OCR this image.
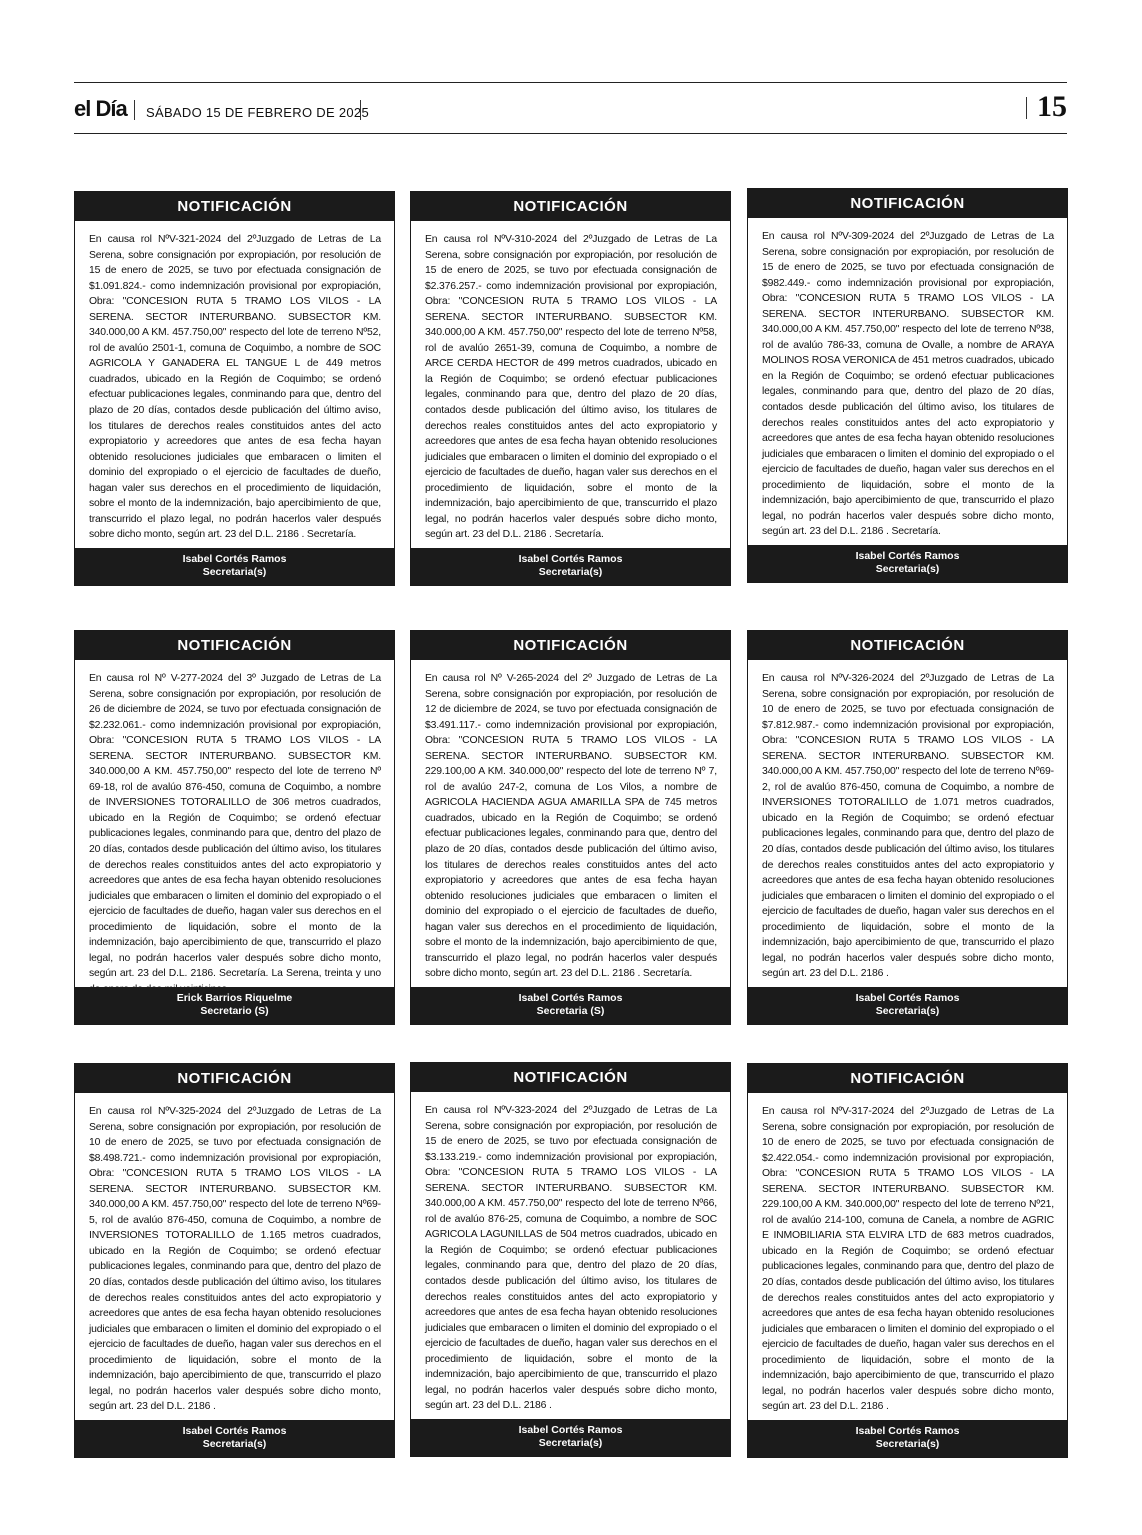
el Día SÁBADO 15 DE FEBRERO DE 2025	15
NOTIFICACIÓN
En causa rol NºV-321-2024 del 2ºJuzgado de Letras de La Serena, sobre consignación por expropiación, por resolución de 15 de enero de 2025, se tuvo por efectuada consignación de $1.091.824.- como indemnización provisional por expropiación, Obra: "CONCESION RUTA 5 TRAMO LOS VILOS - LA SERENA. SECTOR INTERURBANO. SUBSECTOR KM. 340.000,00 A KM. 457.750,00" respecto del lote de terreno Nº52, rol de avalúo 2501-1, comuna de Coquimbo, a nombre de SOC AGRICOLA Y GANADERA EL TANGUE L de 449 metros cuadrados, ubicado en la Región de Coquimbo; se ordenó efectuar publicaciones legales, conminando para que, dentro del plazo de 20 días, contados desde publicación del último aviso, los titulares de derechos reales constituidos antes del acto expropiatorio y acreedores que antes de esa fecha hayan obtenido resoluciones judiciales que embaracen o limiten el dominio del expropiado o el ejercicio de facultades de dueño, hagan valer sus derechos en el procedimiento de liquidación, sobre el monto de la indemnización, bajo apercibimiento de que, transcurrido el plazo legal, no podrán hacerlos valer después sobre dicho monto, según art. 23 del D.L. 2186 . Secretaría.
Isabel Cortés Ramos
Secretaria(s)
NOTIFICACIÓN
En causa rol NºV-310-2024 del 2ºJuzgado de Letras de La Serena, sobre consignación por expropiación, por resolución de 15 de enero de 2025, se tuvo por efectuada consignación de $2.376.257.- como indemnización provisional por expropiación, Obra: "CONCESION RUTA 5 TRAMO LOS VILOS - LA SERENA. SECTOR INTERURBANO. SUBSECTOR KM. 340.000,00 A KM. 457.750,00" respecto del lote de terreno Nº58, rol de avalúo 2651-39, comuna de Coquimbo, a nombre de ARCE CERDA HECTOR de 499 metros cuadrados, ubicado en la Región de Coquimbo; se ordenó efectuar publicaciones legales, conminando para que, dentro del plazo de 20 días, contados desde publicación del último aviso, los titulares de derechos reales constituidos antes del acto expropiatorio y acreedores que antes de esa fecha hayan obtenido resoluciones judiciales que embaracen o limiten el dominio del expropiado o el ejercicio de facultades de dueño, hagan valer sus derechos en el procedimiento de liquidación, sobre el monto de la indemnización, bajo apercibimiento de que, transcurrido el plazo legal, no podrán hacerlos valer después sobre dicho monto, según art. 23 del D.L. 2186 . Secretaría.
Isabel Cortés Ramos
Secretaria(s)
NOTIFICACIÓN
En causa rol NºV-309-2024 del 2ºJuzgado de Letras de La Serena, sobre consignación por expropiación, por resolución de 15 de enero de 2025, se tuvo por efectuada consignación de $982.449.- como indemnización provisional por expropiación, Obra: "CONCESION RUTA 5 TRAMO LOS VILOS - LA SERENA. SECTOR INTERURBANO. SUBSECTOR KM. 340.000,00 A KM. 457.750,00" respecto del lote de terreno Nº38, rol de avalúo 786-33, comuna de Ovalle, a nombre de ARAYA MOLINOS ROSA VERONICA de 451 metros cuadrados, ubicado en la Región de Coquimbo; se ordenó efectuar publicaciones legales, conminando para que, dentro del plazo de 20 días, contados desde publicación del último aviso, los titulares de derechos reales constituidos antes del acto expropiatorio y acreedores que antes de esa fecha hayan obtenido resoluciones judiciales que embaracen o limiten el dominio del expropiado o el ejercicio de facultades de dueño, hagan valer sus derechos en el procedimiento de liquidación, sobre el monto de la indemnización, bajo apercibimiento de que, transcurrido el plazo legal, no podrán hacerlos valer después sobre dicho monto, según art. 23 del D.L. 2186 . Secretaría.
Isabel Cortés Ramos
Secretaria(s)
NOTIFICACIÓN
En causa rol Nº V-277-2024 del 3º Juzgado de Letras de La Serena, sobre consignación por expropiación, por resolución de 26 de diciembre de 2024, se tuvo por efectuada consignación de $2.232.061.- como indemnización provisional por expropiación, Obra: "CONCESION RUTA 5 TRAMO LOS VILOS - LA SERENA. SECTOR INTERURBANO. SUBSECTOR KM. 340.000,00 A KM. 457.750,00" respecto del lote de terreno Nº 69-18, rol de avalúo 876-450, comuna de Coquimbo, a nombre de INVERSIONES TOTORALILLO de 306 metros cuadrados, ubicado en la Región de Coquimbo; se ordenó efectuar publicaciones legales, conminando para que, dentro del plazo de 20 días, contados desde publicación del último aviso, los titulares de derechos reales constituidos antes del acto expropiatorio y acreedores que antes de esa fecha hayan obtenido resoluciones judiciales que embaracen o limiten el dominio del expropiado o el ejercicio de facultades de dueño, hagan valer sus derechos en el procedimiento de liquidación, sobre el monto de la indemnización, bajo apercibimiento de que, transcurrido el plazo legal, no podrán hacerlos valer después sobre dicho monto, según art. 23 del D.L. 2186. Secretaría. La Serena, treinta y uno
Erick Barrios Riquelme
Secretario (S)
NOTIFICACIÓN
En causa rol Nº V-265-2024 del 2º Juzgado de Letras de La Serena, sobre consignación por expropiación, por resolución de 12 de diciembre de 2024, se tuvo por efectuada consignación de $3.491.117.- como indemnización provisional por expropiación, Obra: "CONCESION RUTA 5 TRAMO LOS VILOS - LA SERENA. SECTOR INTERURBANO. SUBSECTOR KM. 229.100,00 A KM. 340.000,00" respecto del lote de terreno Nº 7, rol de avalúo 247-2, comuna de Los Vilos, a nombre de AGRICOLA HACIENDA AGUA AMARILLA SPA de 745 metros cuadrados, ubicado en la Región de Coquimbo; se ordenó efectuar publicaciones legales, conminando para que, dentro del plazo de 20 días, contados desde publicación del último aviso, los titulares de derechos reales constituidos antes del acto expropiatorio y acreedores que antes de esa fecha hayan obtenido resoluciones judiciales que embaracen o limiten el dominio del expropiado o el ejercicio de facultades de dueño, hagan valer sus derechos en el procedimiento de liquidación, sobre el monto de la indemnización, bajo apercibimiento de que, transcurrido el plazo legal, no podrán hacerlos valer después sobre dicho monto, según art. 23 del D.L. 2186 . Secretaría.
Isabel Cortés Ramos
Secretaria (S)
NOTIFICACIÓN
En causa rol NºV-326-2024 del 2ºJuzgado de Letras de La Serena, sobre consignación por expropiación, por resolución de 10 de enero de 2025, se tuvo por efectuada consignación de $7.812.987.- como indemnización provisional por expropiación, Obra: "CONCESION RUTA 5 TRAMO LOS VILOS - LA SERENA. SECTOR INTERURBANO. SUBSECTOR KM. 340.000,00 A KM. 457.750,00" respecto del lote de terreno Nº69-2, rol de avalúo 876-450, comuna de Coquimbo, a nombre de INVERSIONES TOTORALILLO de 1.071 metros cuadrados, ubicado en la Región de Coquimbo; se ordenó efectuar publicaciones legales, conminando para que, dentro del plazo de 20 días, contados desde publicación del último aviso, los titulares de derechos reales constituidos antes del acto expropiatorio y acreedores que antes de esa fecha hayan obtenido resoluciones judiciales que embaracen o limiten el dominio del expropiado o el ejercicio de facultades de dueño, hagan valer sus derechos en el procedimiento de liquidación, sobre el monto de la indemnización, bajo apercibimiento de que, transcurrido el plazo legal, no podrán hacerlos valer después sobre dicho monto, según art. 23 del D.L. 2186 .
Isabel Cortés Ramos
Secretaria(s)
NOTIFICACIÓN
En causa rol NºV-325-2024 del 2ºJuzgado de Letras de La Serena, sobre consignación por expropiación, por resolución de 10 de enero de 2025, se tuvo por efectuada consignación de $8.498.721.- como indemnización provisional por expropiación, Obra: "CONCESION RUTA 5 TRAMO LOS VILOS - LA SERENA. SECTOR INTERURBANO. SUBSECTOR KM. 340.000,00 A KM. 457.750,00" respecto del lote de terreno Nº69-5, rol de avalúo 876-450, comuna de Coquimbo, a nombre de INVERSIONES TOTORALILLO de 1.165 metros cuadrados, ubicado en la Región de Coquimbo; se ordenó efectuar publicaciones legales, conminando para que, dentro del plazo de 20 días, contados desde publicación del último aviso, los titulares de derechos reales constituidos antes del acto expropiatorio y acreedores que antes de esa fecha hayan obtenido resoluciones judiciales que embaracen o limiten el dominio del expropiado o el ejercicio de facultades de dueño, hagan valer sus derechos en el procedimiento de liquidación, sobre el monto de la indemnización, bajo apercibimiento de que, transcurrido el plazo legal, no podrán hacerlos valer después sobre dicho monto, según art. 23 del D.L. 2186 .
Isabel Cortés Ramos
Secretaria(s)
NOTIFICACIÓN
En causa rol NºV-323-2024 del 2ºJuzgado de Letras de La Serena, sobre consignación por expropiación, por resolución de 15 de enero de 2025, se tuvo por efectuada consignación de $3.133.219.- como indemnización provisional por expropiación, Obra: "CONCESION RUTA 5 TRAMO LOS VILOS - LA SERENA. SECTOR INTERURBANO. SUBSECTOR KM. 340.000,00 A KM. 457.750,00" respecto del lote de terreno Nº66, rol de avalúo 876-25, comuna de Coquimbo, a nombre de SOC AGRICOLA LAGUNILLAS de 504 metros cuadrados, ubicado en la Región de Coquimbo; se ordenó efectuar publicaciones legales, conminando para que, dentro del plazo de 20 días, contados desde publicación del último aviso, los titulares de derechos reales constituidos antes del acto expropiatorio y acreedores que antes de esa fecha hayan obtenido resoluciones judiciales que embaracen o limiten el dominio del expropiado o el ejercicio de facultades de dueño, hagan valer sus derechos en el procedimiento de liquidación, sobre el monto de la indemnización, bajo apercibimiento de que, transcurrido el plazo legal, no podrán hacerlos valer después sobre dicho monto, según art. 23 del D.L. 2186 .
Isabel Cortés Ramos
Secretaria(s)
NOTIFICACIÓN
En causa rol NºV-317-2024 del 2ºJuzgado de Letras de La Serena, sobre consignación por expropiación, por resolución de 10 de enero de 2025, se tuvo por efectuada consignación de $2.422.054.- como indemnización provisional por expropiación, Obra: "CONCESION RUTA 5 TRAMO LOS VILOS - LA SERENA. SECTOR INTERURBANO. SUBSECTOR KM. 229.100,00 A KM. 340.000,00" respecto del lote de terreno Nº21, rol de avalúo 214-100, comuna de Canela, a nombre de AGRIC E INMOBILIARIA STA ELVIRA LTD de 683 metros cuadrados, ubicado en la Región de Coquimbo; se ordenó efectuar publicaciones legales, conminando para que, dentro del plazo de 20 días, contados desde publicación del último aviso, los titulares de derechos reales constituidos antes del acto expropiatorio y acreedores que antes de esa fecha hayan obtenido resoluciones judiciales que embaracen o limiten el dominio del expropiado o el ejercicio de facultades de dueño, hagan valer sus derechos en el procedimiento de liquidación, sobre el monto de la indemnización, bajo apercibimiento de que, transcurrido el plazo legal, no podrán hacerlos valer después sobre dicho monto, según art. 23 del D.L. 2186 .
Isabel Cortés Ramos
Secretaria(s)
